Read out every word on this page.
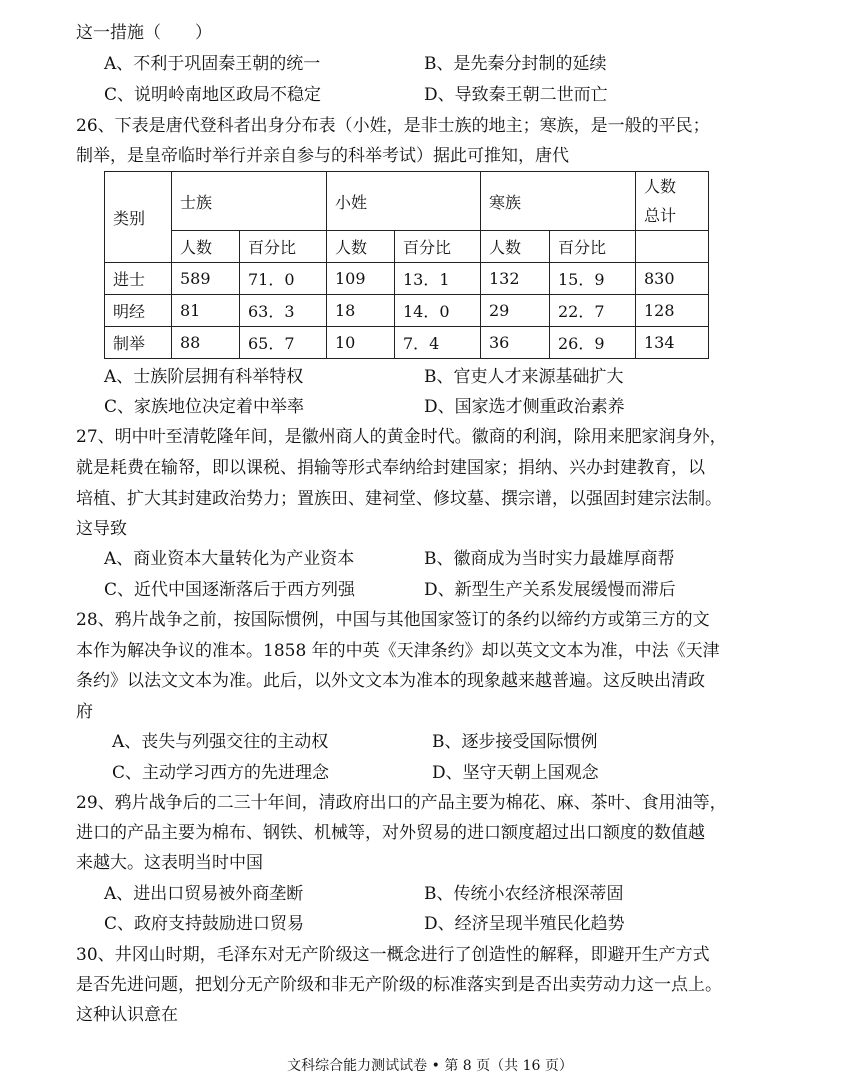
这一措施（　　）
A、不利于巩固秦王朝的统一	B、是先秦分封制的延续
C、说明岭南地区政局不稳定	D、导致秦王朝二世而亡
26、下表是唐代登科者出身分布表（小姓，是非士族的地主；寒族，是一般的平民；
制举，是皇帝临时举行并亲自参与的科举考试）据此可推知，唐代
类别	士族		小姓		寒族		人数
总计
	人数	百分比	人数	百分比	人数	百分比	
进士	589	71．0	109	13．1	132	15．9	830
明经	81	63．3	18	14．0	29	22．7	128
制举	88	65．7	10	7．4	36	26．9	134
A、士族阶层拥有科举特权	B、官吏人才来源基础扩大
C、家族地位决定着中举率	D、国家选才侧重政治素养
27、明中叶至清乾隆年间，是徽州商人的黄金时代。徽商的利润，除用来肥家润身外，
就是耗费在输帑，即以课税、捐输等形式奉纳给封建国家；捐纳、兴办封建教育，以
培植、扩大其封建政治势力；置族田、建祠堂、修坟墓、撰宗谱，以强固封建宗法制。
这导致
A、商业资本大量转化为产业资本	B、徽商成为当时实力最雄厚商帮
C、近代中国逐渐落后于西方列强	D、新型生产关系发展缓慢而滞后
28、鸦片战争之前，按国际惯例，中国与其他国家签订的条约以缔约方或第三方的文
本作为解决争议的准本。1858 年的中英《天津条约》却以英文文本为准，中法《天津
条约》以法文文本为准。此后，以外文文本为准本的现象越来越普遍。这反映出清政
府
A、丧失与列强交往的主动权	B、逐步接受国际惯例
C、主动学习西方的先进理念	D、坚守天朝上国观念
29、鸦片战争后的二三十年间，清政府出口的产品主要为棉花、麻、茶叶、食用油等，
进口的产品主要为棉布、钢铁、机械等，对外贸易的进口额度超过出口额度的数值越
来越大。这表明当时中国
A、进出口贸易被外商垄断	B、传统小农经济根深蒂固
C、政府支持鼓励进口贸易	D、经济呈现半殖民化趋势
30、井冈山时期，毛泽东对无产阶级这一概念进行了创造性的解释，即避开生产方式
是否先进问题，把划分无产阶级和非无产阶级的标准落实到是否出卖劳动力这一点上。
这种认识意在
文科综合能力测试试卷 • 第 8 页（共 16 页）
